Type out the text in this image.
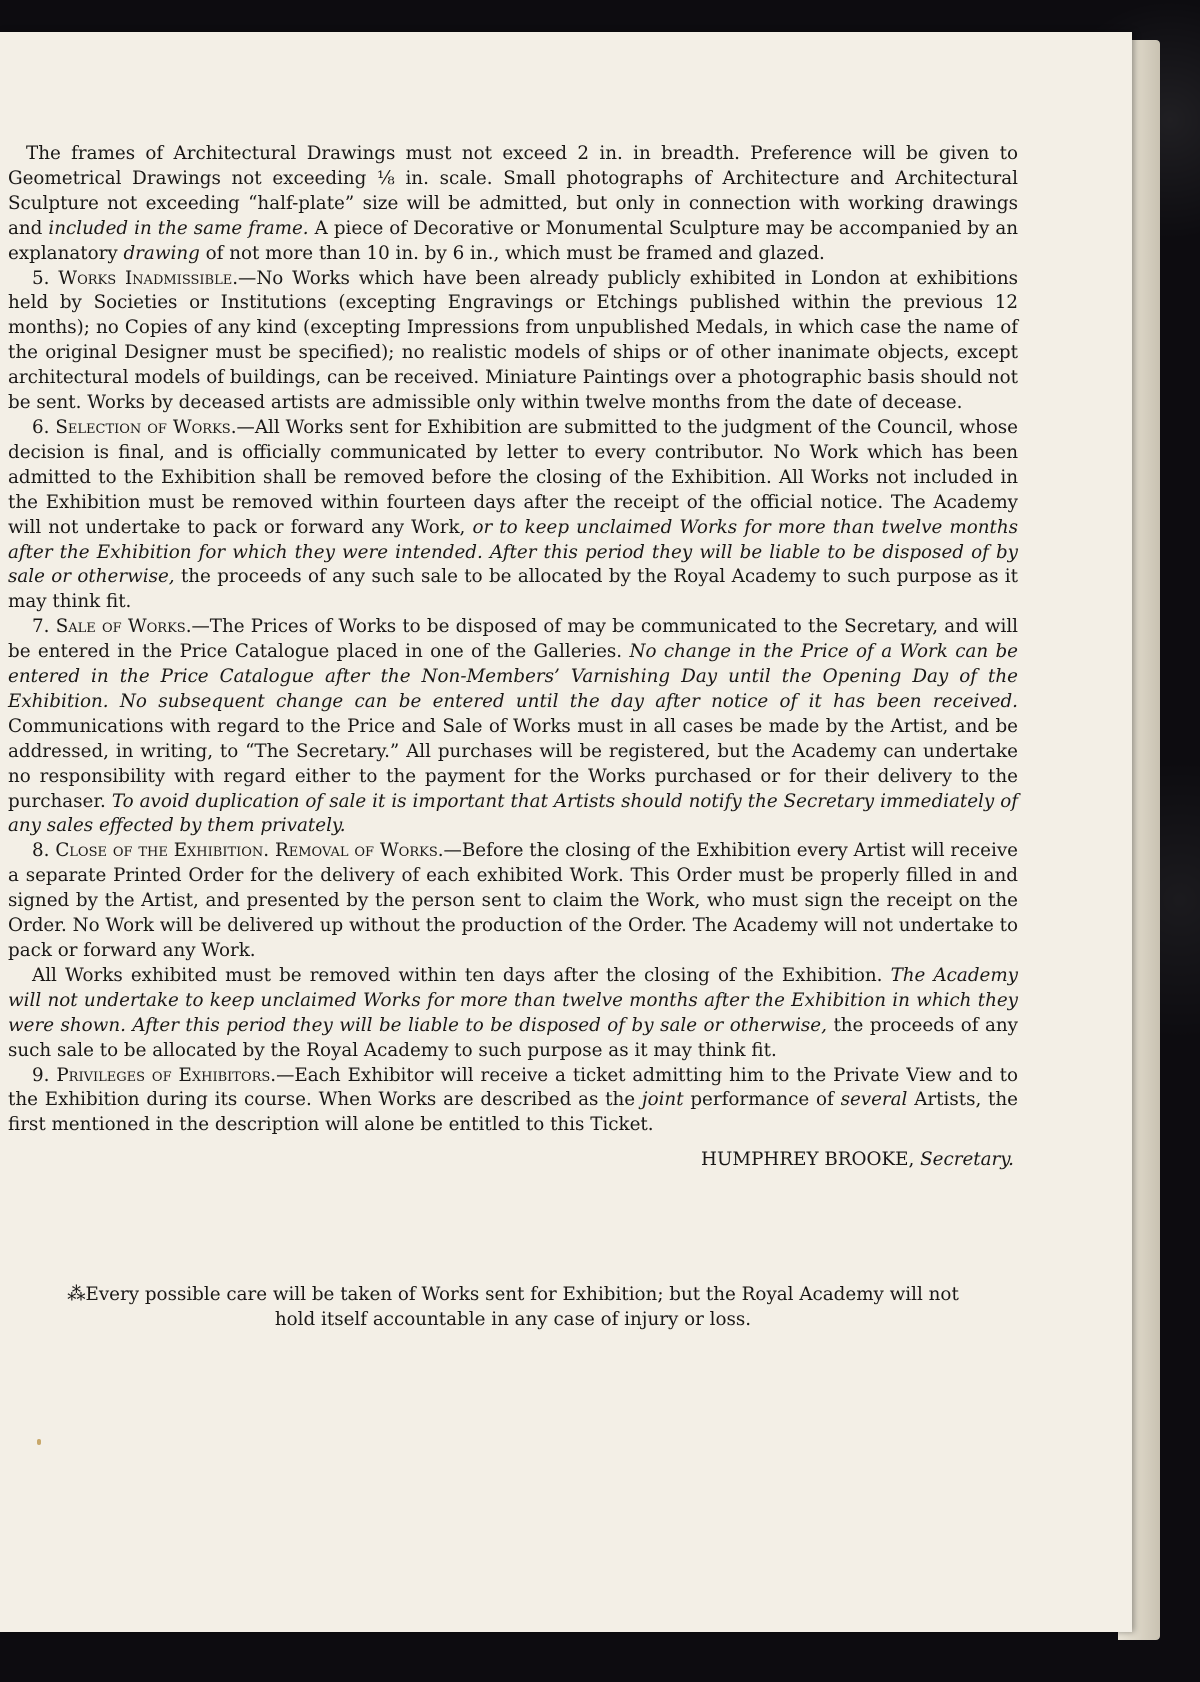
The frames of Architectural Drawings must not exceed 2 in. in breadth. Preference will be given to Geometrical Drawings not exceeding ⅛ in. scale. Small photographs of Architecture and Architectural Sculpture not exceeding “half-plate” size will be admitted, but only in connection with working drawings and included in the same frame. A piece of Decorative or Monumental Sculpture may be accompanied by an explanatory drawing of not more than 10 in. by 6 in., which must be framed and glazed.

5. Works Inadmissible.—No Works which have been already publicly exhibited in London at exhibitions held by Societies or Institutions (excepting Engravings or Etchings published within the previous 12 months); no Copies of any kind (excepting Impressions from unpublished Medals, in which case the name of the original Designer must be specified); no realistic models of ships or of other inanimate objects, except architectural models of buildings, can be received. Miniature Paintings over a photographic basis should not be sent. Works by deceased artists are admissible only within twelve months from the date of decease.

6. Selection of Works.—All Works sent for Exhibition are submitted to the judgment of the Council, whose decision is final, and is officially communicated by letter to every contributor. No Work which has been admitted to the Exhibition shall be removed before the closing of the Exhibition. All Works not included in the Exhibition must be removed within fourteen days after the receipt of the official notice. The Academy will not undertake to pack or forward any Work, or to keep unclaimed Works for more than twelve months after the Exhibition for which they were intended. After this period they will be liable to be disposed of by sale or otherwise, the proceeds of any such sale to be allocated by the Royal Academy to such purpose as it may think fit.

7. Sale of Works.—The Prices of Works to be disposed of may be communicated to the Secretary, and will be entered in the Price Catalogue placed in one of the Galleries. No change in the Price of a Work can be entered in the Price Catalogue after the Non-Members’ Varnishing Day until the Opening Day of the Exhibition. No subsequent change can be entered until the day after notice of it has been received. Communications with regard to the Price and Sale of Works must in all cases be made by the Artist, and be addressed, in writing, to “The Secretary.” All purchases will be registered, but the Academy can undertake no responsibility with regard either to the payment for the Works purchased or for their delivery to the purchaser. To avoid duplication of sale it is important that Artists should notify the Secretary immediately of any sales effected by them privately.

8. Close of the Exhibition. Removal of Works.—Before the closing of the Exhibition every Artist will receive a separate Printed Order for the delivery of each exhibited Work. This Order must be properly filled in and signed by the Artist, and presented by the person sent to claim the Work, who must sign the receipt on the Order. No Work will be delivered up without the production of the Order. The Academy will not undertake to pack or forward any Work.

All Works exhibited must be removed within ten days after the closing of the Exhibition. The Academy will not undertake to keep unclaimed Works for more than twelve months after the Exhibition in which they were shown. After this period they will be liable to be disposed of by sale or otherwise, the proceeds of any such sale to be allocated by the Royal Academy to such purpose as it may think fit.

9. Privileges of Exhibitors.—Each Exhibitor will receive a ticket admitting him to the Private View and to the Exhibition during its course. When Works are described as the joint performance of several Artists, the first mentioned in the description will alone be entitled to this Ticket.

HUMPHREY BROOKE, Secretary.
⁂Every possible care will be taken of Works sent for Exhibition; but the Royal Academy will not
hold itself accountable in any case of injury or loss.
